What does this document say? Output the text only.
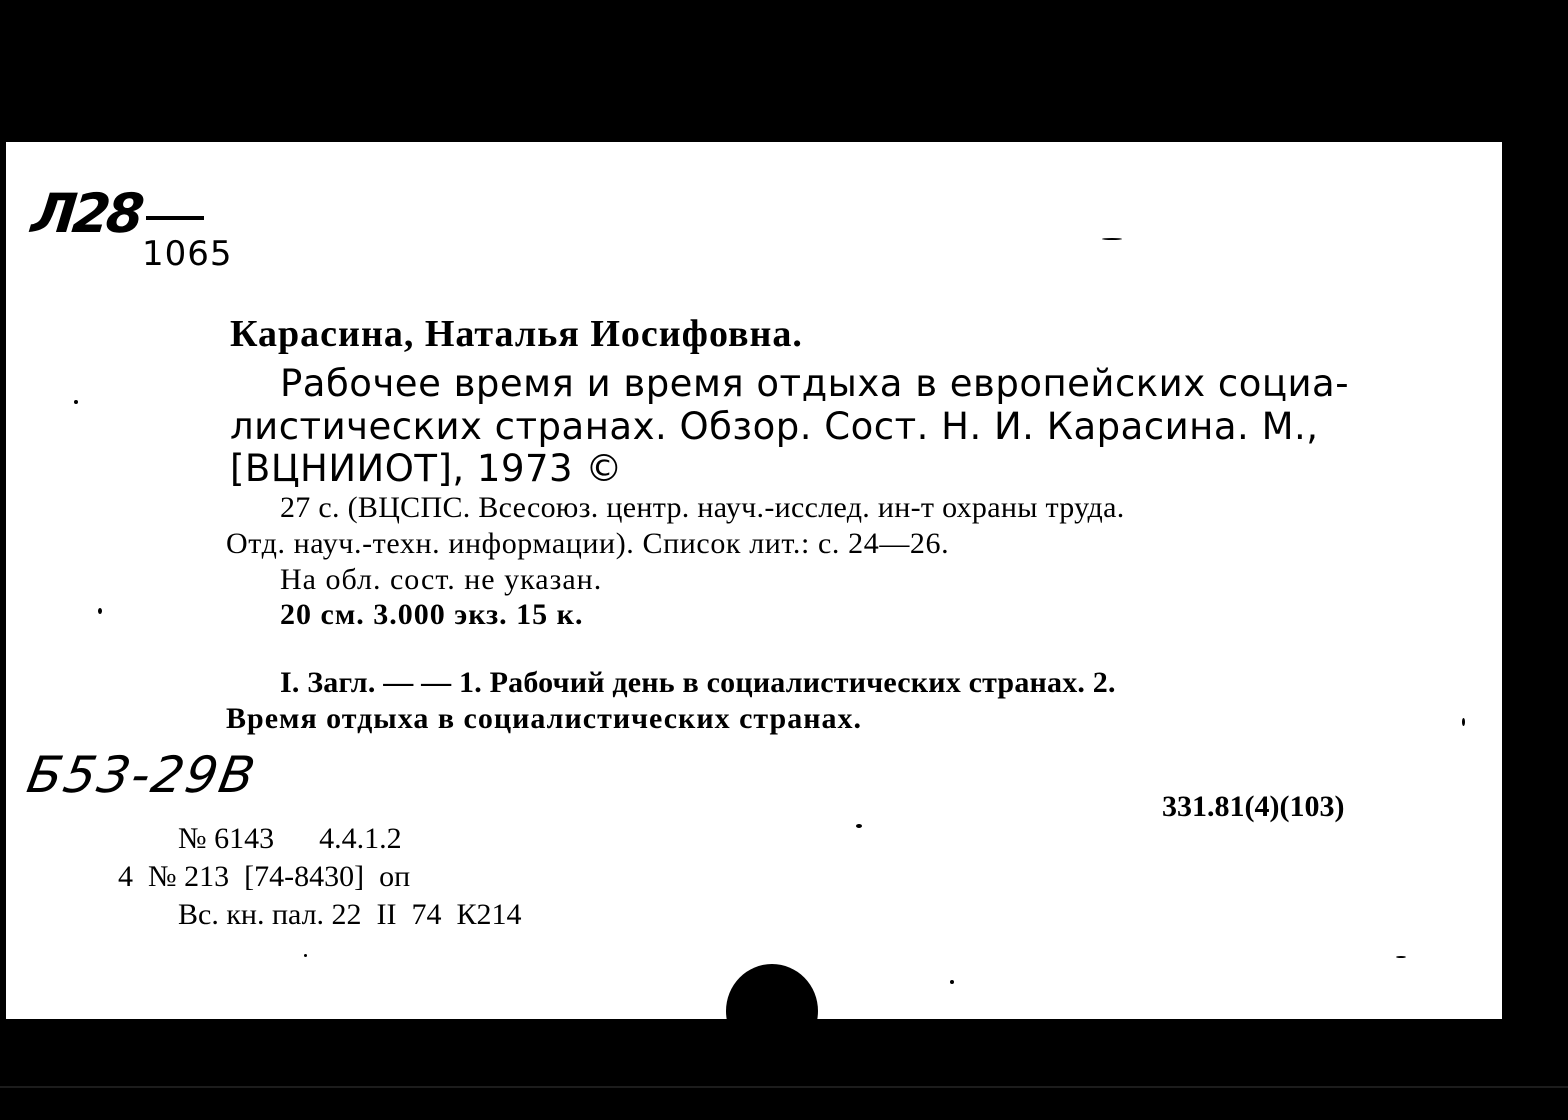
Л28
1065
Карасина, Наталья Иосифовна.
Рабочее время и время отдыха в европейских социа-
листических странах. Обзор. Сост. Н. И. Карасина. М.,
[ВЦНИИОТ], 1973 ©
27 с. (ВЦСПС. Всесоюз. центр. науч.-исслед. ин-т охраны труда.
Отд. науч.-техн. информации). Список лит.: с. 24—26.
На обл. сост. не указан.
20 см. 3.000 экз. 15 к.
I. Загл. — — 1. Рабочий день в социалистических странах. 2.
Время отдыха в социалистических странах.
Б53-29В
331.81(4)(103)
№ 6143      4.4.1.2
4  № 213  [74-8430]  оп
Вс. кн. пал. 22  II  74  К214
